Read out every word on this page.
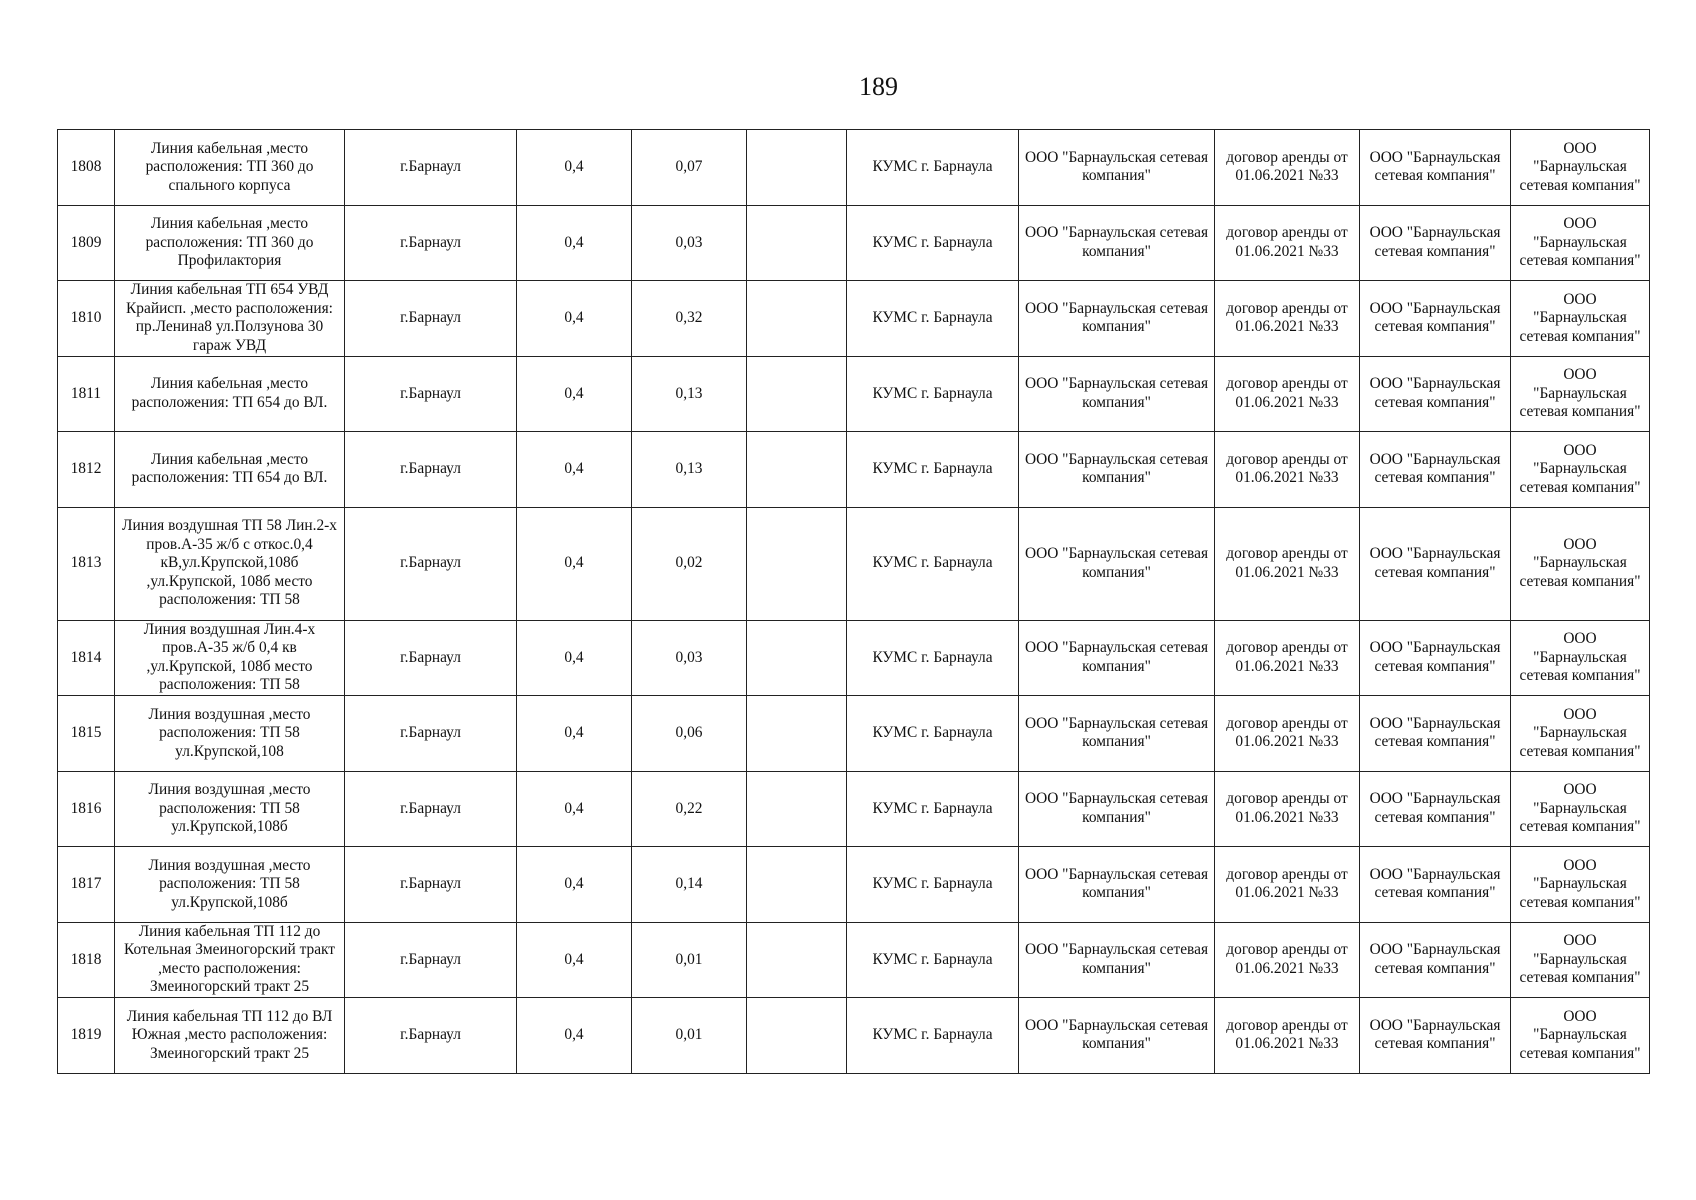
189
1808	Линия кабельная ,место расположения: ТП 360 до спального корпуса	г.Барнаул	0,4	0,07		КУМС г. Барнаула	ООО "Барнаульская сетевая компания"	договор аренды от 01.06.2021 №33	ООО "Барнаульская сетевая компания"	ООО "Барнаульская сетевая компания"
1809	Линия кабельная ,место расположения: ТП 360 до Профилактория	г.Барнаул	0,4	0,03		КУМС г. Барнаула	ООО "Барнаульская сетевая компания"	договор аренды от 01.06.2021 №33	ООО "Барнаульская сетевая компания"	ООО "Барнаульская сетевая компания"
1810	Линия кабельная ТП 654 УВД Крайисп. ,место расположения: пр.Ленина8 ул.Ползунова 30 гараж УВД	г.Барнаул	0,4	0,32		КУМС г. Барнаула	ООО "Барнаульская сетевая компания"	договор аренды от 01.06.2021 №33	ООО "Барнаульская сетевая компания"	ООО "Барнаульская сетевая компания"
1811	Линия кабельная ,место расположения: ТП 654 до ВЛ.	г.Барнаул	0,4	0,13		КУМС г. Барнаула	ООО "Барнаульская сетевая компания"	договор аренды от 01.06.2021 №33	ООО "Барнаульская сетевая компания"	ООО "Барнаульская сетевая компания"
1812	Линия кабельная ,место расположения: ТП 654 до ВЛ.	г.Барнаул	0,4	0,13		КУМС г. Барнаула	ООО "Барнаульская сетевая компания"	договор аренды от 01.06.2021 №33	ООО "Барнаульская сетевая компания"	ООО "Барнаульская сетевая компания"
1813	Линия воздушная ТП 58 Лин.2-х пров.А-35 ж/б с откос.0,4 кВ,ул.Крупской,108б ,ул.Крупской, 108б место расположения: ТП 58	г.Барнаул	0,4	0,02		КУМС г. Барнаула	ООО "Барнаульская сетевая компания"	договор аренды от 01.06.2021 №33	ООО "Барнаульская сетевая компания"	ООО "Барнаульская сетевая компания"
1814	Линия воздушная Лин.4-х пров.А-35 ж/б 0,4 кв ,ул.Крупской, 108б место расположения: ТП 58	г.Барнаул	0,4	0,03		КУМС г. Барнаула	ООО "Барнаульская сетевая компания"	договор аренды от 01.06.2021 №33	ООО "Барнаульская сетевая компания"	ООО "Барнаульская сетевая компания"
1815	Линия воздушная ,место расположения: ТП 58 ул.Крупской,108	г.Барнаул	0,4	0,06		КУМС г. Барнаула	ООО "Барнаульская сетевая компания"	договор аренды от 01.06.2021 №33	ООО "Барнаульская сетевая компания"	ООО "Барнаульская сетевая компания"
1816	Линия воздушная ,место расположения: ТП 58 ул.Крупской,108б	г.Барнаул	0,4	0,22		КУМС г. Барнаула	ООО "Барнаульская сетевая компания"	договор аренды от 01.06.2021 №33	ООО "Барнаульская сетевая компания"	ООО "Барнаульская сетевая компания"
1817	Линия воздушная ,место расположения: ТП 58 ул.Крупской,108б	г.Барнаул	0,4	0,14		КУМС г. Барнаула	ООО "Барнаульская сетевая компания"	договор аренды от 01.06.2021 №33	ООО "Барнаульская сетевая компания"	ООО "Барнаульская сетевая компания"
1818	Линия кабельная ТП 112 до Котельная Змеиногорский тракт ,место расположения: Змеиногорский тракт 25	г.Барнаул	0,4	0,01		КУМС г. Барнаула	ООО "Барнаульская сетевая компания"	договор аренды от 01.06.2021 №33	ООО "Барнаульская сетевая компания"	ООО "Барнаульская сетевая компания"
1819	Линия кабельная ТП 112 до ВЛ Южная ,место расположения: Змеиногорский тракт 25	г.Барнаул	0,4	0,01		КУМС г. Барнаула	ООО "Барнаульская сетевая компания"	договор аренды от 01.06.2021 №33	ООО "Барнаульская сетевая компания"	ООО "Барнаульская сетевая компания"
